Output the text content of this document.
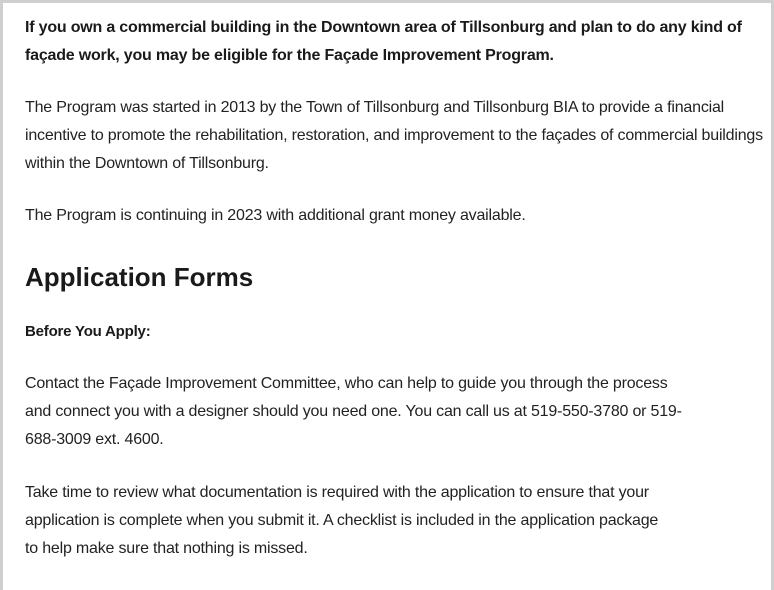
If you own a commercial building in the Downtown area of Tillsonburg and plan to do any kind of façade work, you may be eligible for the Façade Improvement Program.

The Program was started in 2013 by the Town of Tillsonburg and Tillsonburg BIA to provide a financial incentive to promote the rehabilitation, restoration, and improvement to the façades of commercial buildings within the Downtown of Tillsonburg.

The Program is continuing in 2023 with additional grant money available.

Application Forms

Before You Apply:

Contact the Façade Improvement Committee, who can help to guide you through the process and connect you with a designer should you need one. You can call us at 519-550-3780 or 519-688-3009 ext. 4600.

Take time to review what documentation is required with the application to ensure that your application is complete when you submit it. A checklist is included in the application package to help make sure that nothing is missed.
